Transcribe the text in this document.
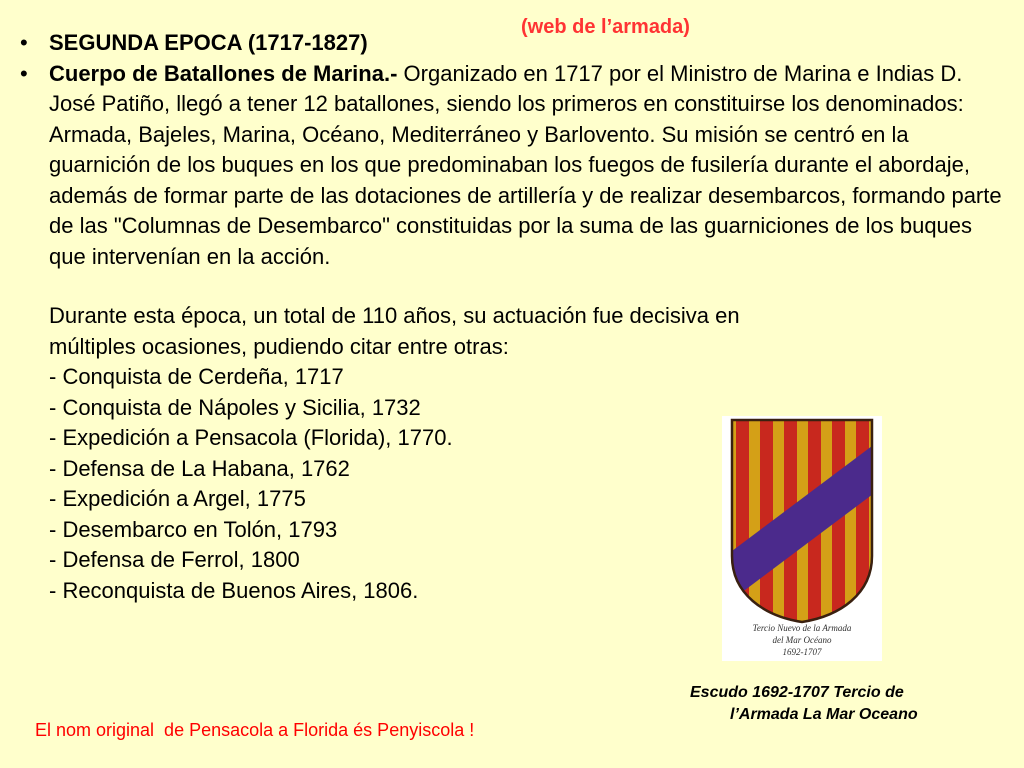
(web de l’armada)
• SEGUNDA EPOCA (1717-1827)
• Cuerpo de Batallones de Marina.- Organizado en 1717 por el Ministro de Marina e Indias D. José Patiño, llegó a tener 12 batallones, siendo los primeros en constituirse los denominados: Armada, Bajeles, Marina, Océano, Mediterráneo y Barlovento. Su misión se centró en la guarnición de los buques en los que predominaban los fuegos de fusilería durante el abordaje, además de formar parte de las dotaciones de artillería y de realizar desembarcos, formando parte de las "Columnas de Desembarco" constituidas por la suma de las guarniciones de los buques que intervenían en la acción.
Durante esta época, un total de 110 años, su actuación fue decisiva en
múltiples ocasiones, pudiendo citar entre otras:
- Conquista de Cerdeña, 1717
- Conquista de Nápoles y Sicilia, 1732
- Expedición a Pensacola (Florida), 1770.
- Defensa de La Habana, 1762
- Expedición a Argel, 1775
- Desembarco en Tolón, 1793
- Defensa de Ferrol, 1800
- Reconquista de Buenos Aires, 1806.
Tercio Nuevo de la Armada
del Mar Océano
1692-1707
Escudo 1692-1707 Tercio de
l’Armada La Mar Oceano
El nom original  de Pensacola a Florida és Penyiscola !
